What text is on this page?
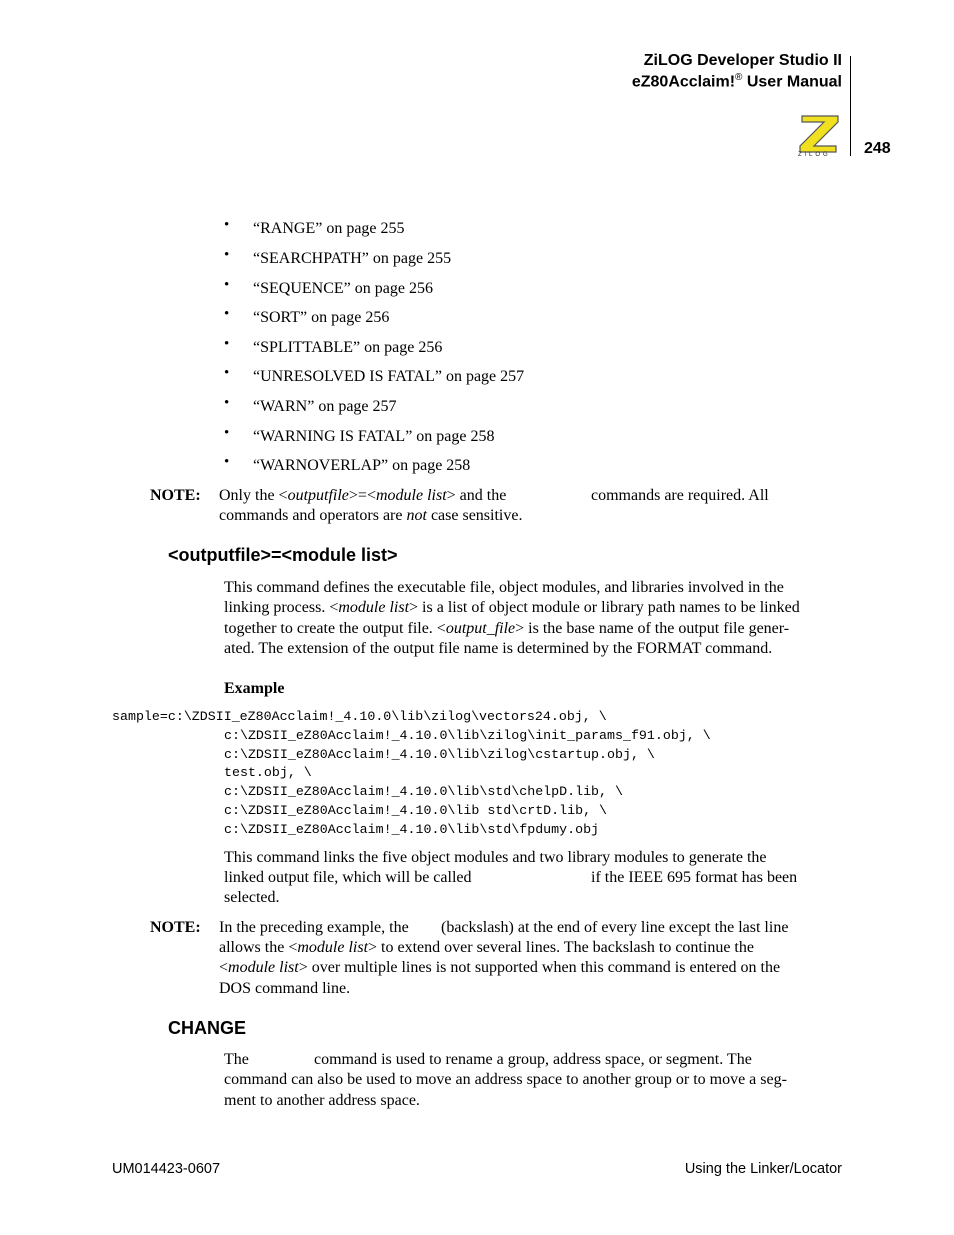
ZiLOG Developer Studio II
eZ80Acclaim!® User Manual
248
ZiLOG
• “RANGE” on page 255
• “SEARCHPATH” on page 255
• “SEQUENCE” on page 256
• “SORT” on page 256
• “SPLITTABLE” on page 256
• “UNRESOLVED IS FATAL” on page 257
• “WARN” on page 257
• “WARNING IS FATAL” on page 258
• “WARNOVERLAP” on page 258
NOTE: Only the <outputfile>=<module list> and the	commands are required. All
commands and operators are not case sensitive.
<outputfile>=<module list>
This command defines the executable file, object modules, and libraries involved in the
linking process. <module list> is a list of object module or library path names to be linked
together to create the output file. <output_file> is the base name of the output file gener-
ated. The extension of the output file name is determined by the FORMAT command.
Example
sample=c:\ZDSII_eZ80Acclaim!_4.10.0\lib\zilog\vectors24.obj, \
c:\ZDSII_eZ80Acclaim!_4.10.0\lib\zilog\init_params_f91.obj, \
c:\ZDSII_eZ80Acclaim!_4.10.0\lib\zilog\cstartup.obj, \
test.obj, \
c:\ZDSII_eZ80Acclaim!_4.10.0\lib\std\chelpD.lib, \
c:\ZDSII_eZ80Acclaim!_4.10.0\lib std\crtD.lib, \
c:\ZDSII_eZ80Acclaim!_4.10.0\lib\std\fpdumy.obj
This command links the five object modules and two library modules to generate the
linked output file, which will be called	if the IEEE 695 format has been
selected.
NOTE: In the preceding example, the (backslash) at the end of every line except the last line
allows the <module list> to extend over several lines. The backslash to continue the
<module list> over multiple lines is not supported when this command is entered on the
DOS command line.
CHANGE
The	command is used to rename a group, address space, or segment. The
command can also be used to move an address space to another group or to move a seg-
ment to another address space.
UM014423-0607	Using the Linker/Locator
